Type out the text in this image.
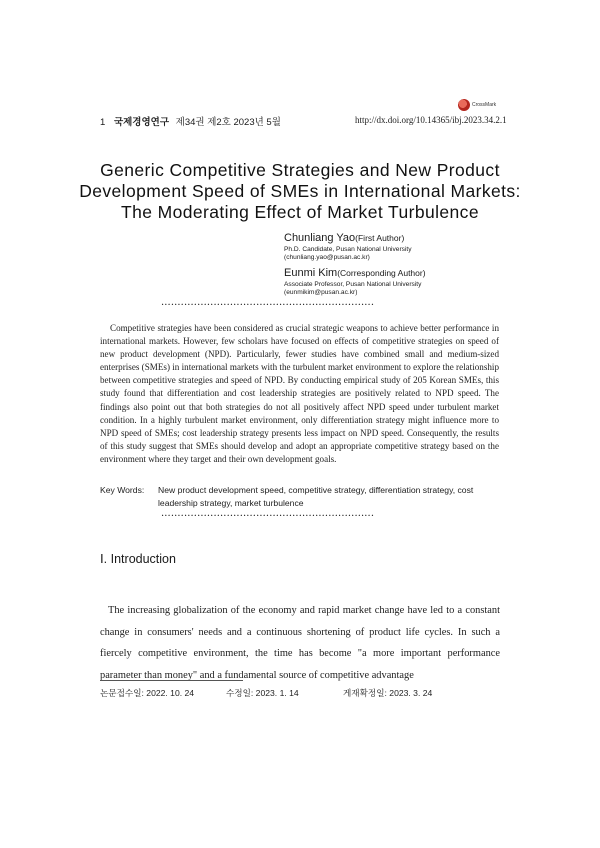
1 국제경영연구 제34권 제2호 2023년 5월
CrossMark
http://dx.doi.org/10.14365/ibj.2023.34.2.1
Generic Competitive Strategies and New Product
Development Speed of SMEs in International Markets:
The Moderating Effect of Market Turbulence
Chunliang Yao(First Author)
Ph.D. Candidate, Pusan National University
(chunliang.yao@pusan.ac.kr)
Eunmi Kim(Corresponding Author)
Associate Professor, Pusan National University
(eunmikim@pusan.ac.kr)
·································································
Competitive strategies have been considered as crucial strategic weapons to achieve better performance in international markets. However, few scholars have focused on effects of competitive strategies on speed of new product development (NPD). Particularly, fewer studies have combined small and medium-sized enterprises (SMEs) in international markets with the turbulent market environment to explore the relationship between competitive strategies and speed of NPD. By conducting empirical study of 205 Korean SMEs, this study found that differentiation and cost leadership strategies are positively related to NPD speed. The findings also point out that both strategies do not all positively affect NPD speed under turbulent market condition. In a highly turbulent market environment, only differentiation strategy might influence more to NPD speed of SMEs; cost leadership strategy presents less impact on NPD speed. Consequently, the results of this study suggest that SMEs should develop and adopt an appropriate competitive strategy based on the environment where they target and their own development goals.
Key Words: New product development speed, competitive strategy, differentiation strategy, cost leadership strategy, market turbulence
·································································
Ⅰ. Introduction
The increasing globalization of the economy and rapid market change have led to a constant change in consumers' needs and a continuous shortening of product life cycles. In such a fiercely competitive environment, the time has become "a more important performance parameter than money" and a fundamental source of competitive advantage
논문접수일: 2022. 10. 24	수정일: 2023. 1. 14	게재확정일: 2023. 3. 24
